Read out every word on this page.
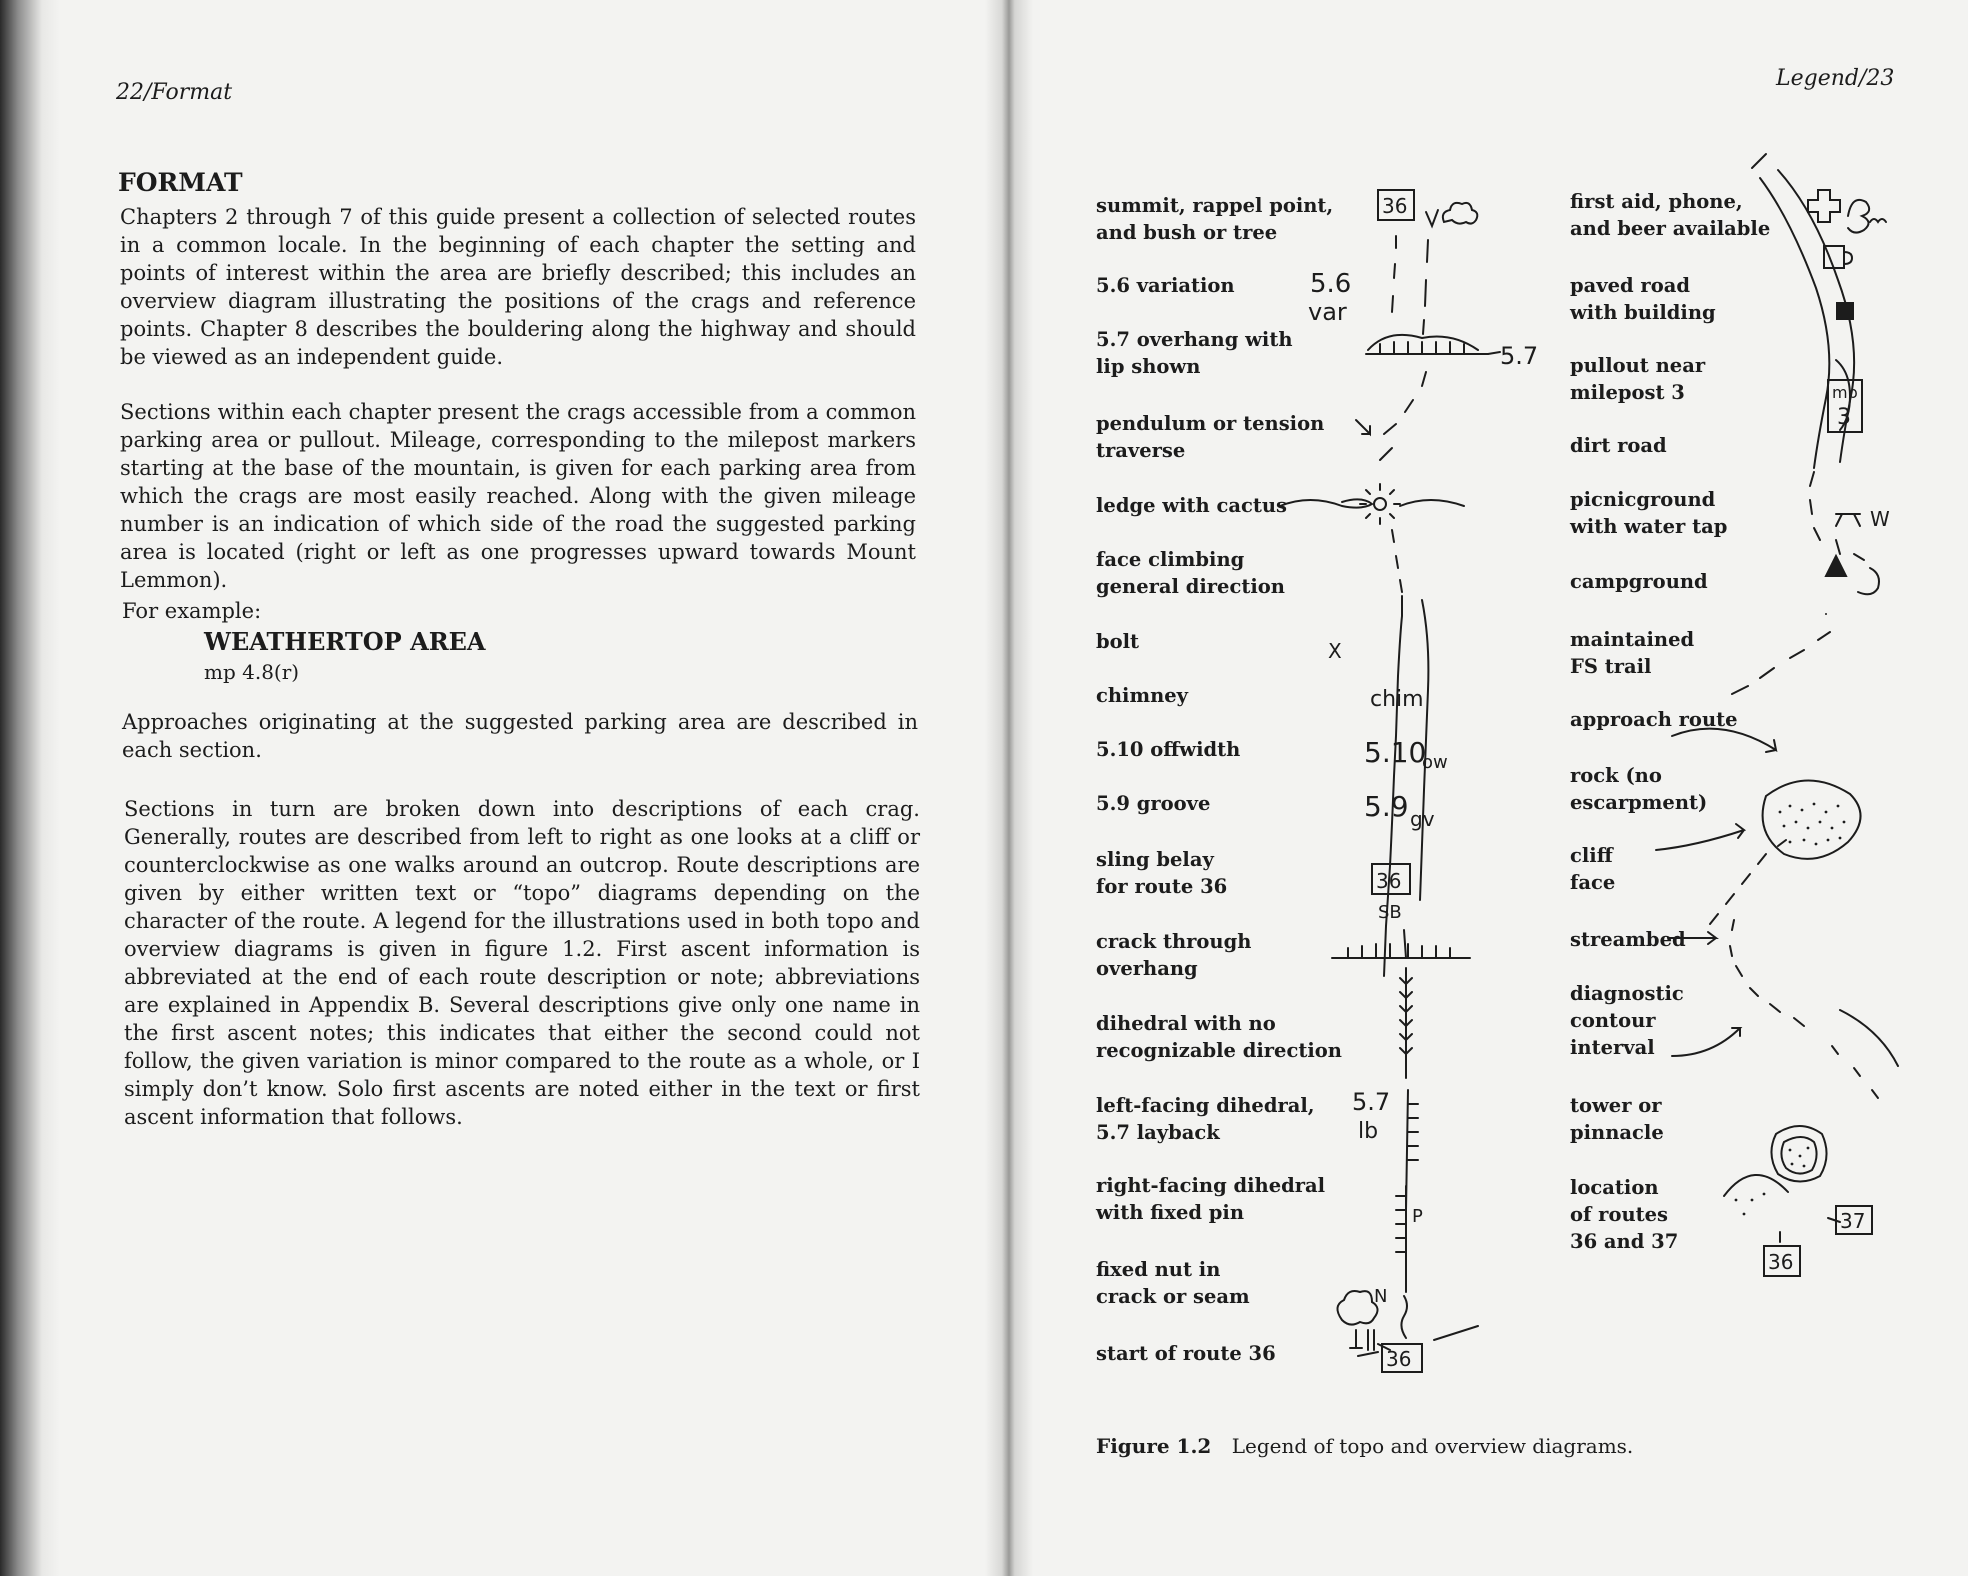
22/Format
FORMAT

Chapters 2 through 7 of this guide present a collection of selected routes in a common locale. In the beginning of each chapter the setting and points of interest within the area are briefly described; this includes an overview diagram illustrating the positions of the crags and reference points. Chapter 8 describes the bouldering along the highway and should be viewed as an independent guide.

Sections within each chapter present the crags accessible from a common parking area or pullout. Mileage, corresponding to the milepost markers starting at the base of the mountain, is given for each parking area from which the crags are most easily reached. Along with the given mileage number is an indication of which side of the road the suggested parking area is located (right or left as one progresses upward towards Mount Lemmon).

For example:
WEATHERTOP AREA
mp 4.8(r)

Approaches originating at the suggested parking area are described in each section.

Sections in turn are broken down into descriptions of each crag. Generally, routes are described from left to right as one looks at a cliff or counterclockwise as one walks around an outcrop. Route descriptions are given by either written text or “topo” diagrams depending on the character of the route. A legend for the illustrations used in both topo and overview diagrams is given in figure 1.2. First ascent information is abbreviated at the end of each route description or note; abbreviations are explained in Appendix B. Several descriptions give only one name in the first ascent notes; this indicates that either the second could not follow, the given variation is minor compared to the route as a whole, or I simply don’t know. Solo first ascents are noted either in the text or first ascent information that follows.

Legend/23
summit, rappel point,
and bush or tree
5.6 variation
5.7 overhang with
lip shown
pendulum or tension
traverse
ledge with cactus
face climbing
general direction
bolt
chimney
5.10 offwidth
5.9 groove
sling belay
for route 36
crack through
overhang
dihedral with no
recognizable direction
left-facing dihedral,
5.7 layback
right-facing dihedral
with fixed pin
fixed nut in
crack or seam
start of route 36
first aid, phone,
and beer available
paved road
with building
pullout near
milepost 3
dirt road
picnicground
with water tap
campground
maintained
FS trail
approach route
rock (no
escarpment)
cliff
face
streambed
diagnostic
contour
interval
tower or
pinnacle
location
of routes
36 and 37
36
5.6
var
5.7
X
chim
5.10
ow
5.9 gv
36
SB
5.7
lb
P
N
36
mp
3
W
37
36
Figure 1.2 Legend of topo and overview diagrams.
